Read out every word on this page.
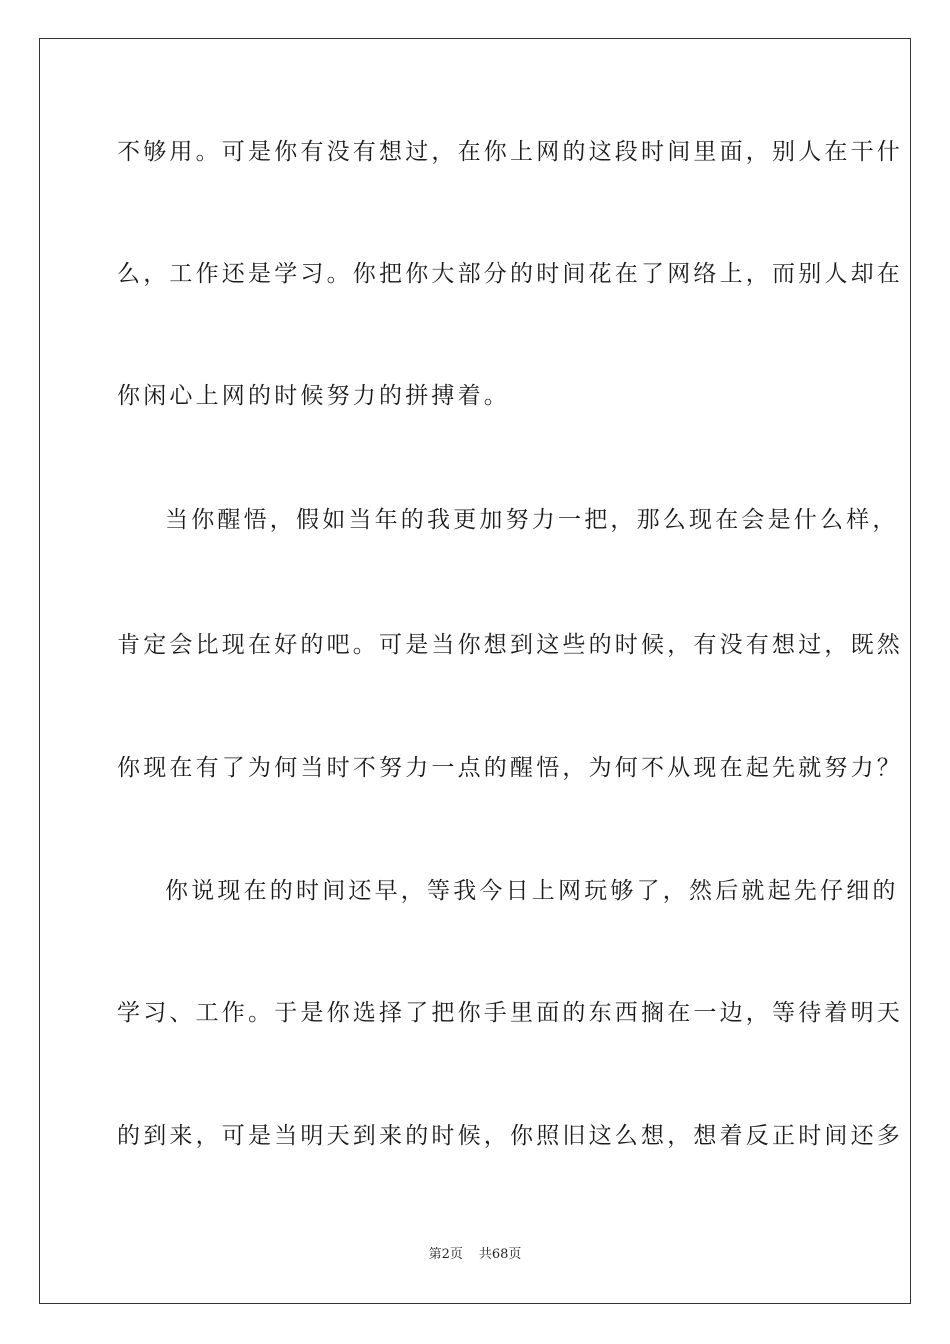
不够用。可是你有没有想过，在你上网的这段时间里面，别人在干什
么，工作还是学习。你把你大部分的时间花在了网络上，而别人却在
你闲心上网的时候努力的拼搏着。
当你醒悟，假如当年的我更加努力一把，那么现在会是什么样，
肯定会比现在好的吧。可是当你想到这些的时候，有没有想过，既然
你现在有了为何当时不努力一点的醒悟，为何不从现在起先就努力？
你说现在的时间还早，等我今日上网玩够了，然后就起先仔细的
学习、工作。于是你选择了把你手里面的东西搁在一边，等待着明天
的到来，可是当明天到来的时候，你照旧这么想，想着反正时间还多
第2页 共68页
